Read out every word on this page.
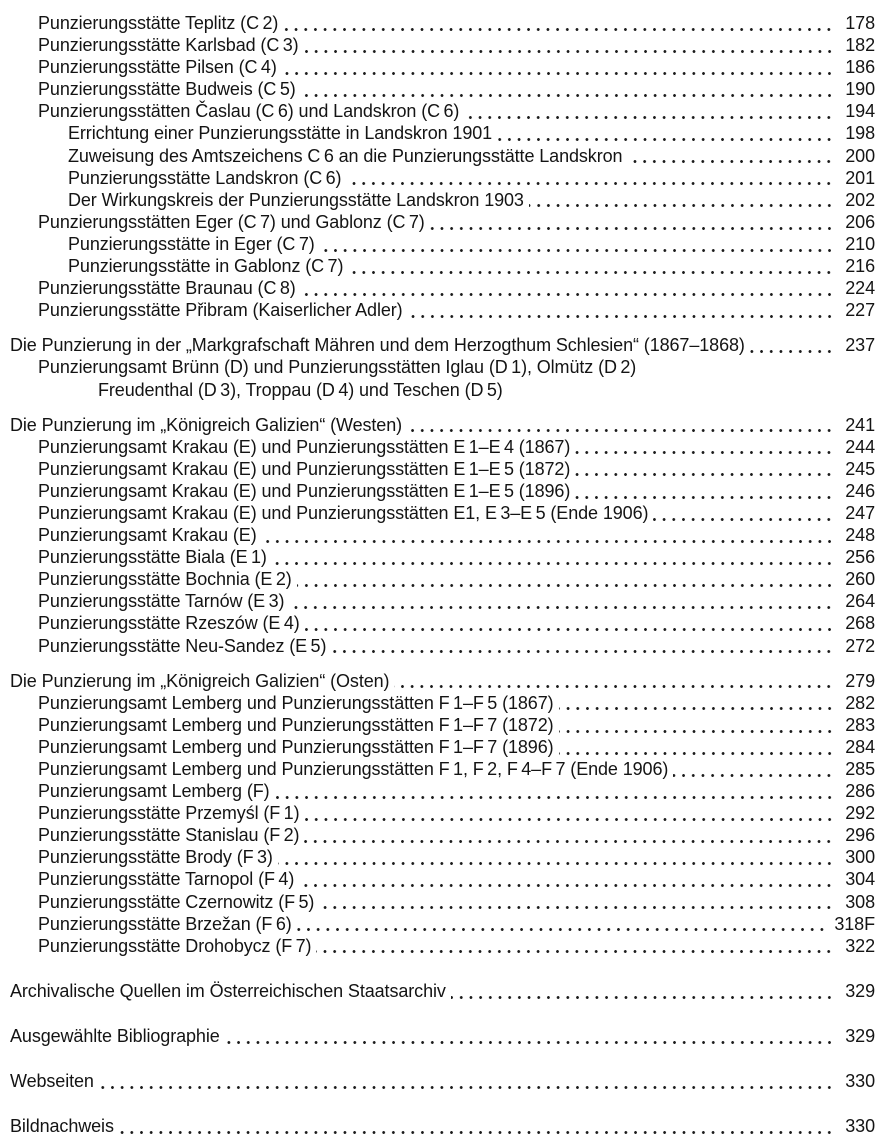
Punzierungsstätte Teplitz (C 2)	178
Punzierungsstätte Karlsbad (C 3)	182
Punzierungsstätte Pilsen (C 4)	186
Punzierungsstätte Budweis (C 5)	190
Punzierungsstätten Časlau (C 6) und Landskron (C 6)	194
Errichtung einer Punzierungsstätte in Landskron 1901	198
Zuweisung des Amtszeichens C 6 an die Punzierungsstätte Landskron	200
Punzierungsstätte Landskron (C 6)	201
Der Wirkungskreis der Punzierungsstätte Landskron 1903	202
Punzierungsstätten Eger (C 7) und Gablonz (C 7)	206
Punzierungsstätte in Eger (C 7)	210
Punzierungsstätte in Gablonz (C 7)	216
Punzierungsstätte Braunau (C 8)	224
Punzierungsstätte Přibram (Kaiserlicher Adler)	227
Die Punzierung in der „Markgrafschaft Mähren und dem Herzogthum Schlesien“ (1867–1868)	237
Punzierungsamt Brünn (D) und Punzierungsstätten Iglau (D 1), Olmütz (D 2)
Freudenthal (D 3), Troppau (D 4) und Teschen (D 5)
Die Punzierung im „Königreich Galizien“ (Westen)	241
Punzierungsamt Krakau (E) und Punzierungsstätten E 1–E 4 (1867)	244
Punzierungsamt Krakau (E) und Punzierungsstätten E 1–E 5 (1872)	245
Punzierungsamt Krakau (E) und Punzierungsstätten E 1–E 5 (1896)	246
Punzierungsamt Krakau (E) und Punzierungsstätten E1, E 3–E 5 (Ende 1906)	247
Punzierungsamt Krakau (E)	248
Punzierungsstätte Biala (E 1)	256
Punzierungsstätte Bochnia (E 2)	260
Punzierungsstätte Tarnów (E 3)	264
Punzierungsstätte Rzeszów (E 4)	268
Punzierungsstätte Neu-Sandez (E 5)	272
Die Punzierung im „Königreich Galizien“ (Osten)	279
Punzierungsamt Lemberg und Punzierungsstätten F 1–F 5 (1867)	282
Punzierungsamt Lemberg und Punzierungsstätten F 1–F 7 (1872)	283
Punzierungsamt Lemberg und Punzierungsstätten F 1–F 7 (1896)	284
Punzierungsamt Lemberg und Punzierungsstätten F 1, F 2, F 4–F 7 (Ende 1906)	285
Punzierungsamt Lemberg (F)	286
Punzierungsstätte Przemyśl (F 1)	292
Punzierungsstätte Stanislau (F 2)	296
Punzierungsstätte Brody (F 3)	300
Punzierungsstätte Tarnopol (F 4)	304
Punzierungsstätte Czernowitz (F 5)	308
Punzierungsstätte Brzežan (F 6)	318F
Punzierungsstätte Drohobycz (F 7)	322
Archivalische Quellen im Österreichischen Staatsarchiv	329
Ausgewählte Bibliographie	329
Webseiten	330
Bildnachweis	330
